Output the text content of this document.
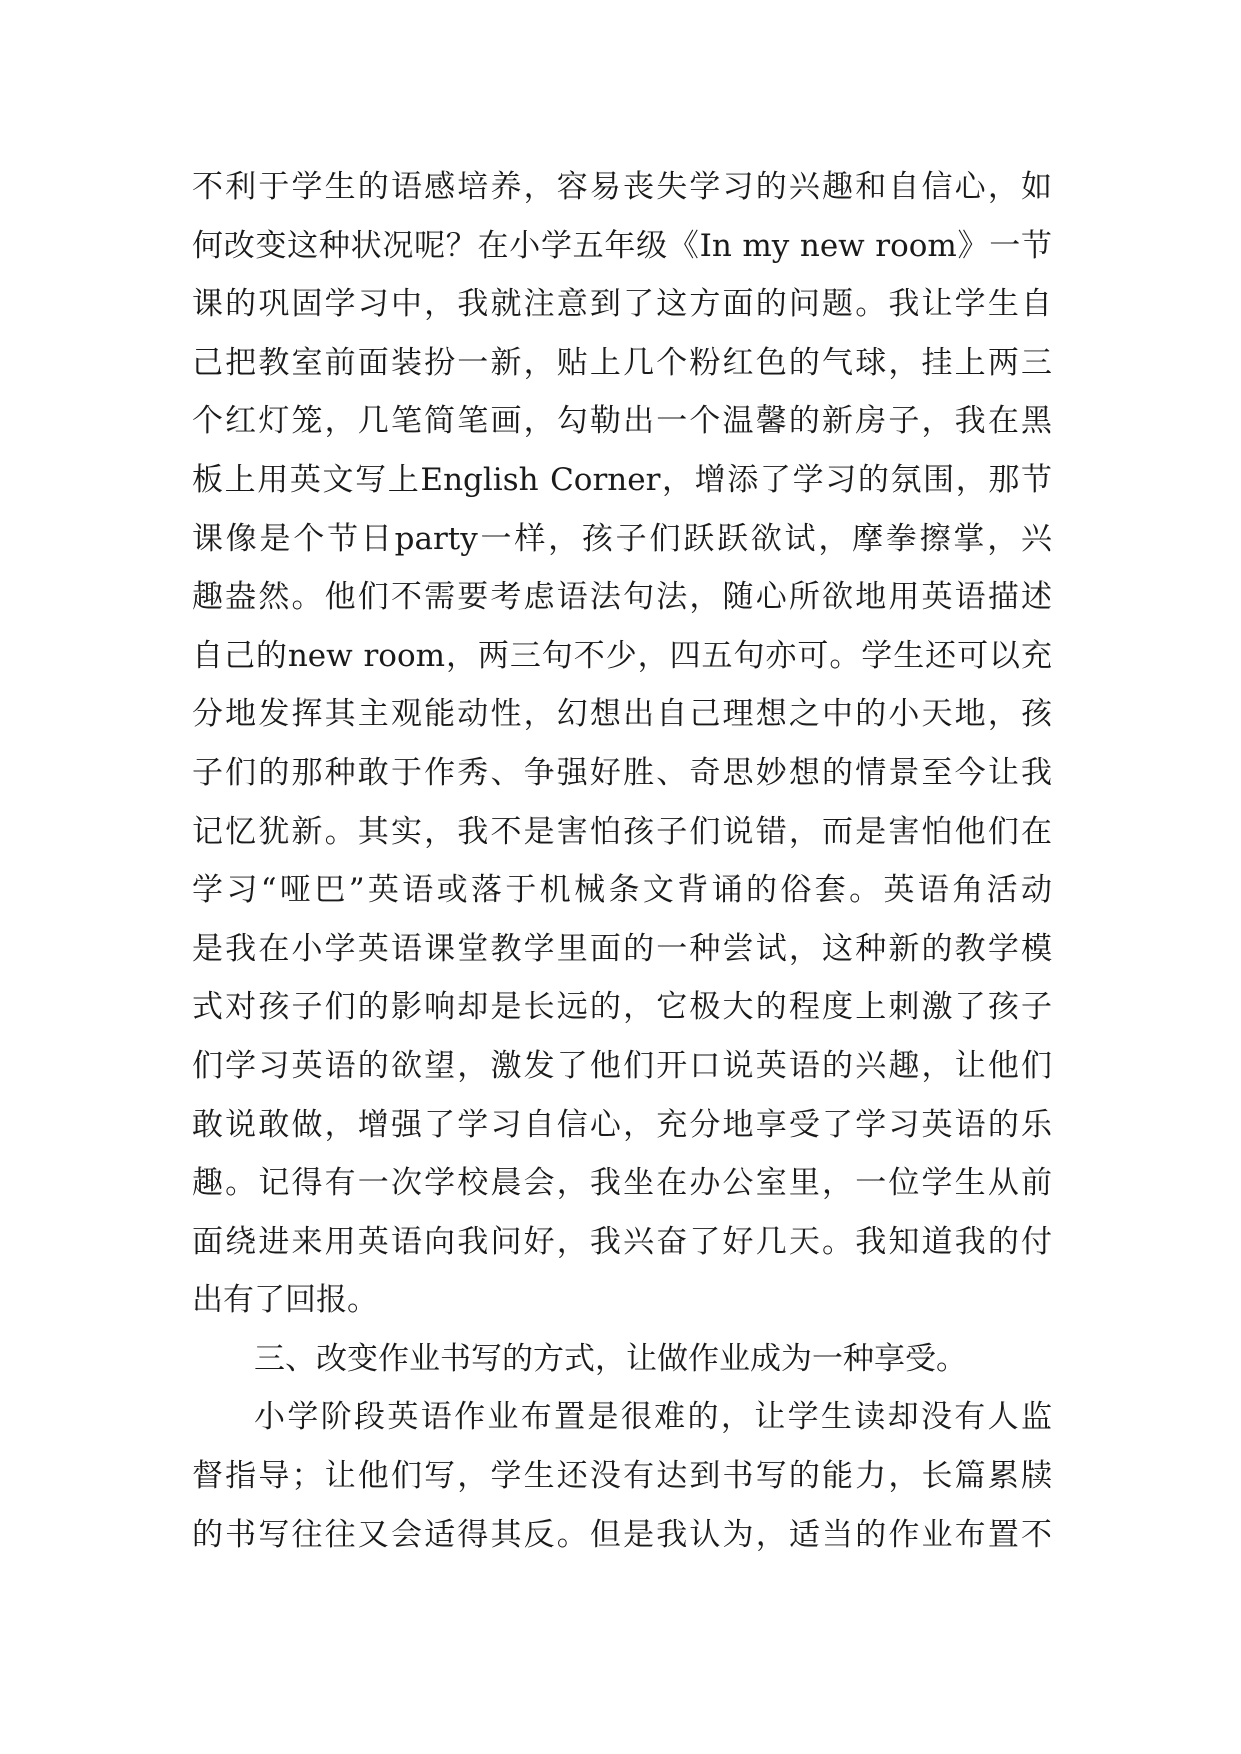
不利于学生的语感培养，容易丧失学习的兴趣和自信心，如
何改变这种状况呢？在小学五年级《In my new room》一节
课的巩固学习中，我就注意到了这方面的问题。我让学生自
己把教室前面装扮一新，贴上几个粉红色的气球，挂上两三
个红灯笼，几笔简笔画，勾勒出一个温馨的新房子，我在黑
板上用英文写上English Corner，增添了学习的氛围，那节
课像是个节日party一样，孩子们跃跃欲试，摩拳擦掌，兴
趣盎然。他们不需要考虑语法句法，随心所欲地用英语描述
自己的new room，两三句不少，四五句亦可。学生还可以充
分地发挥其主观能动性，幻想出自己理想之中的小天地，孩
子们的那种敢于作秀、争强好胜、奇思妙想的情景至今让我
记忆犹新。其实，我不是害怕孩子们说错，而是害怕他们在
学习“哑巴”英语或落于机械条文背诵的俗套。英语角活动
是我在小学英语课堂教学里面的一种尝试，这种新的教学模
式对孩子们的影响却是长远的，它极大的程度上刺激了孩子
们学习英语的欲望，激发了他们开口说英语的兴趣，让他们
敢说敢做，增强了学习自信心，充分地享受了学习英语的乐
趣。记得有一次学校晨会，我坐在办公室里，一位学生从前
面绕进来用英语向我问好，我兴奋了好几天。我知道我的付
出有了回报。
三、改变作业书写的方式，让做作业成为一种享受。
小学阶段英语作业布置是很难的，让学生读却没有人监
督指导；让他们写，学生还没有达到书写的能力，长篇累牍
的书写往往又会适得其反。但是我认为，适当的作业布置不
